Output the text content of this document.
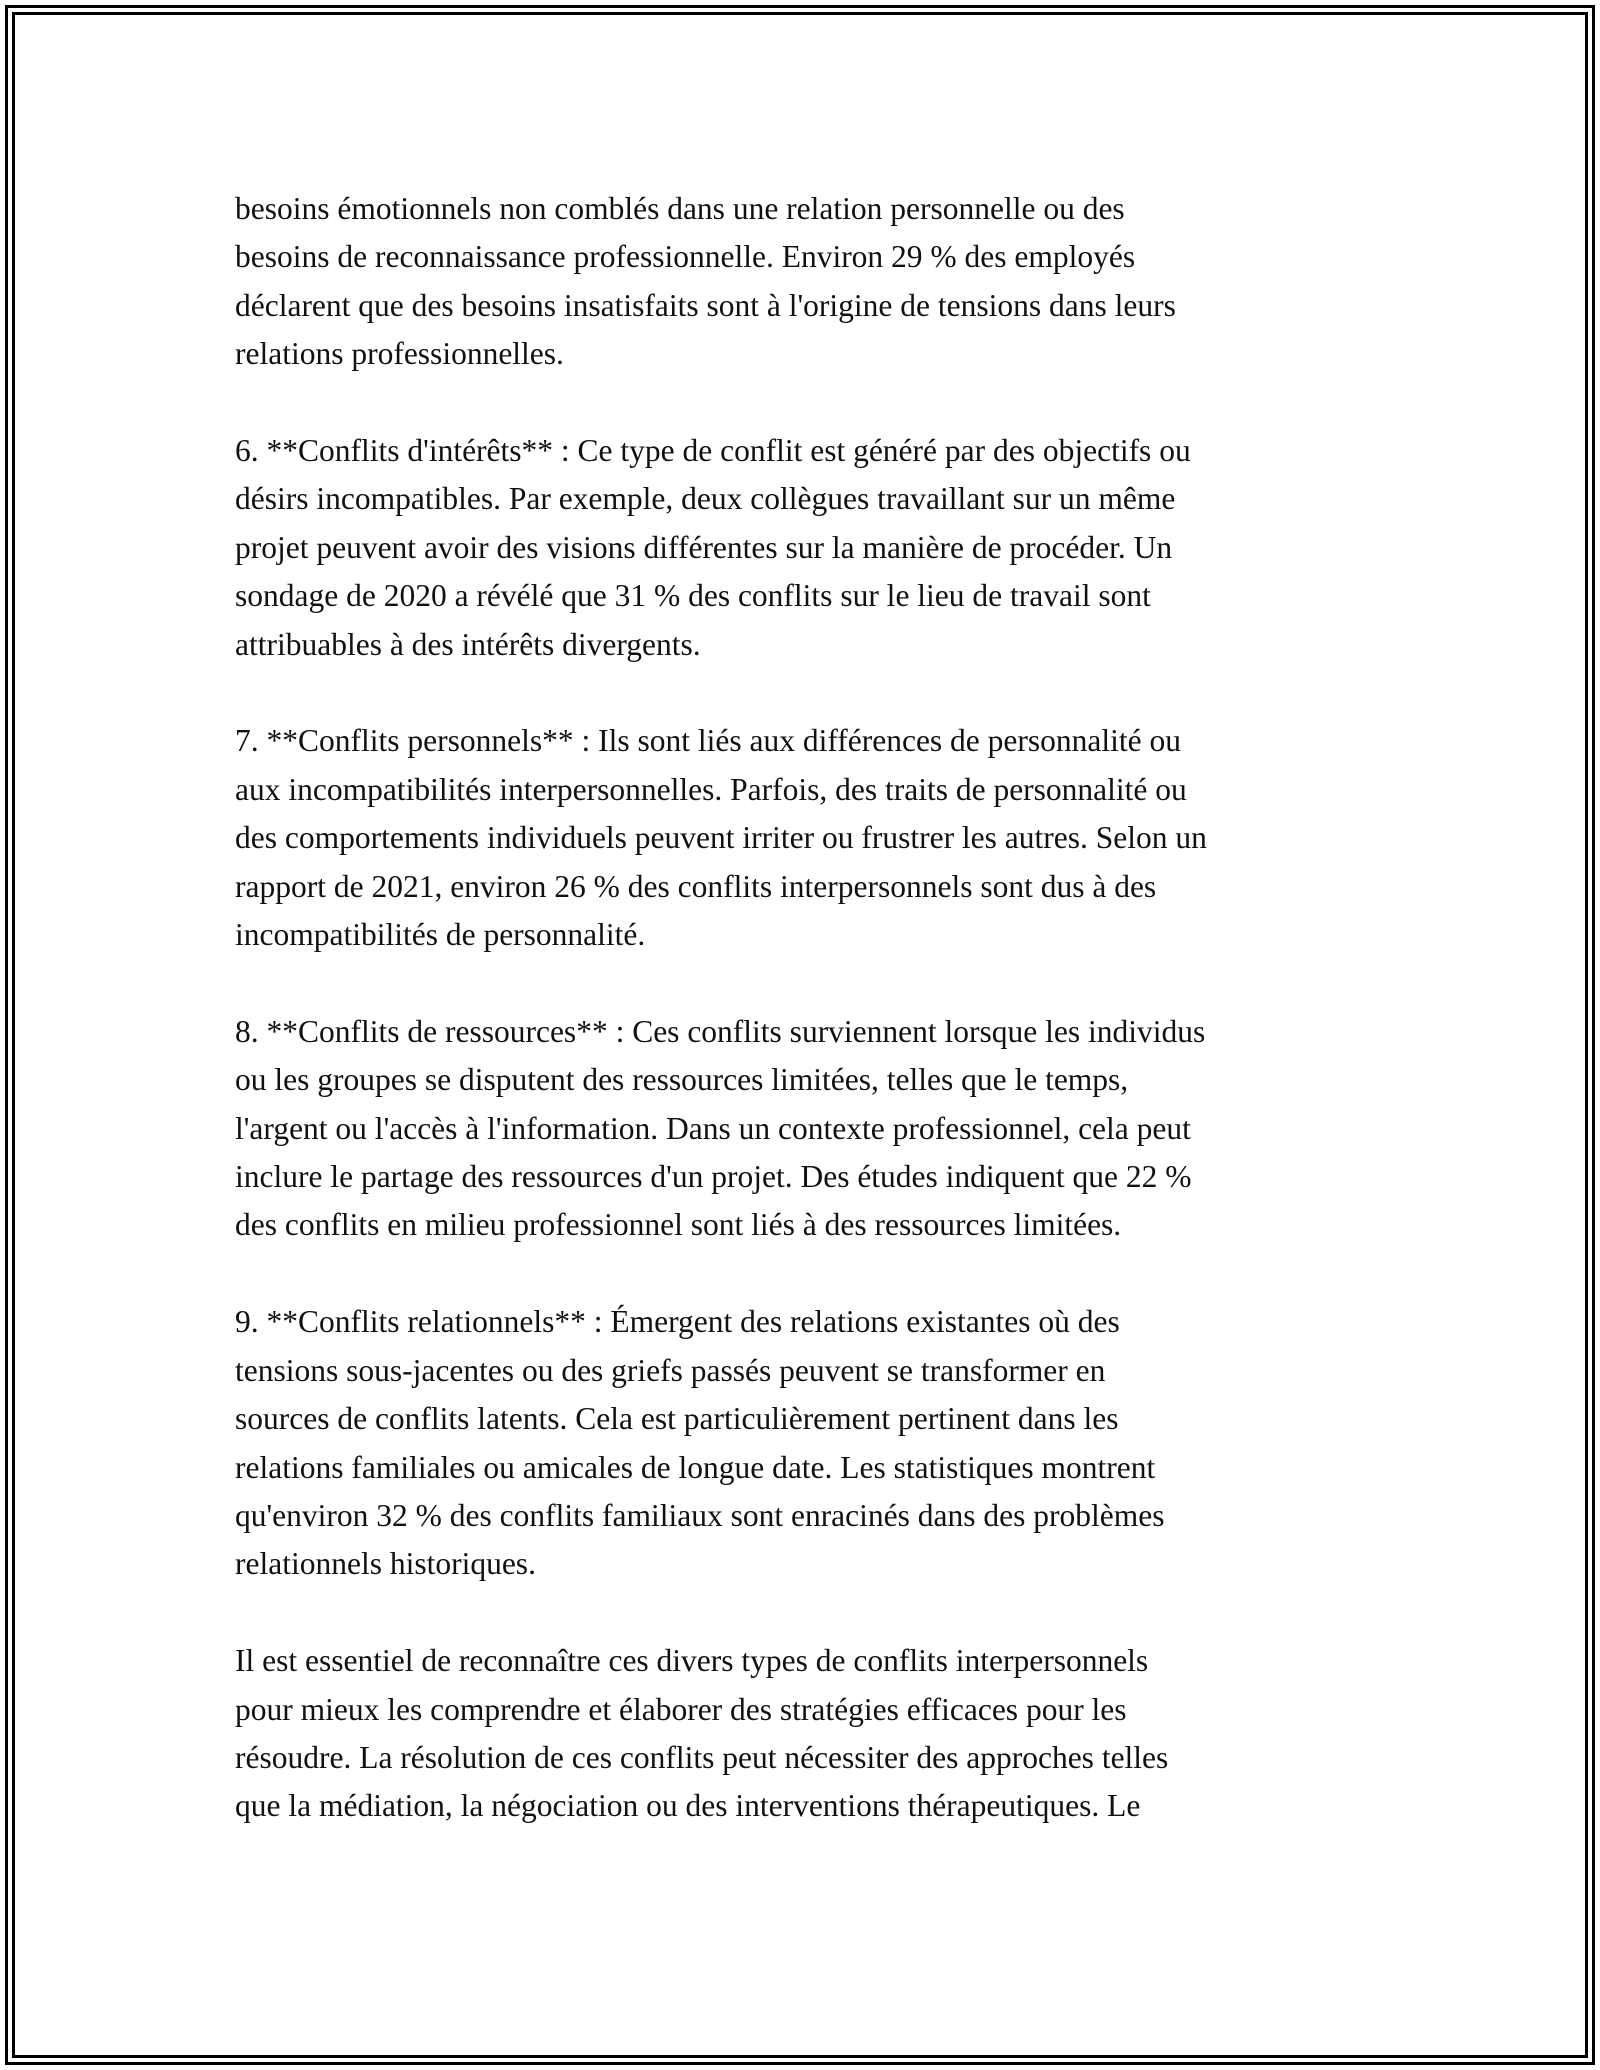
besoins émotionnels non comblés dans une relation personnelle ou des
besoins de reconnaissance professionnelle. Environ 29 % des employés
déclarent que des besoins insatisfaits sont à l'origine de tensions dans leurs
relations professionnelles.

6. **Conflits d'intérêts** : Ce type de conflit est généré par des objectifs ou
désirs incompatibles. Par exemple, deux collègues travaillant sur un même
projet peuvent avoir des visions différentes sur la manière de procéder. Un
sondage de 2020 a révélé que 31 % des conflits sur le lieu de travail sont
attribuables à des intérêts divergents.

7. **Conflits personnels** : Ils sont liés aux différences de personnalité ou
aux incompatibilités interpersonnelles. Parfois, des traits de personnalité ou
des comportements individuels peuvent irriter ou frustrer les autres. Selon un
rapport de 2021, environ 26 % des conflits interpersonnels sont dus à des
incompatibilités de personnalité.

8. **Conflits de ressources** : Ces conflits surviennent lorsque les individus
ou les groupes se disputent des ressources limitées, telles que le temps,
l'argent ou l'accès à l'information. Dans un contexte professionnel, cela peut
inclure le partage des ressources d'un projet. Des études indiquent que 22 %
des conflits en milieu professionnel sont liés à des ressources limitées.

9. **Conflits relationnels** : Émergent des relations existantes où des
tensions sous-jacentes ou des griefs passés peuvent se transformer en
sources de conflits latents. Cela est particulièrement pertinent dans les
relations familiales ou amicales de longue date. Les statistiques montrent
qu'environ 32 % des conflits familiaux sont enracinés dans des problèmes
relationnels historiques.

Il est essentiel de reconnaître ces divers types de conflits interpersonnels
pour mieux les comprendre et élaborer des stratégies efficaces pour les
résoudre. La résolution de ces conflits peut nécessiter des approches telles
que la médiation, la négociation ou des interventions thérapeutiques. Le
